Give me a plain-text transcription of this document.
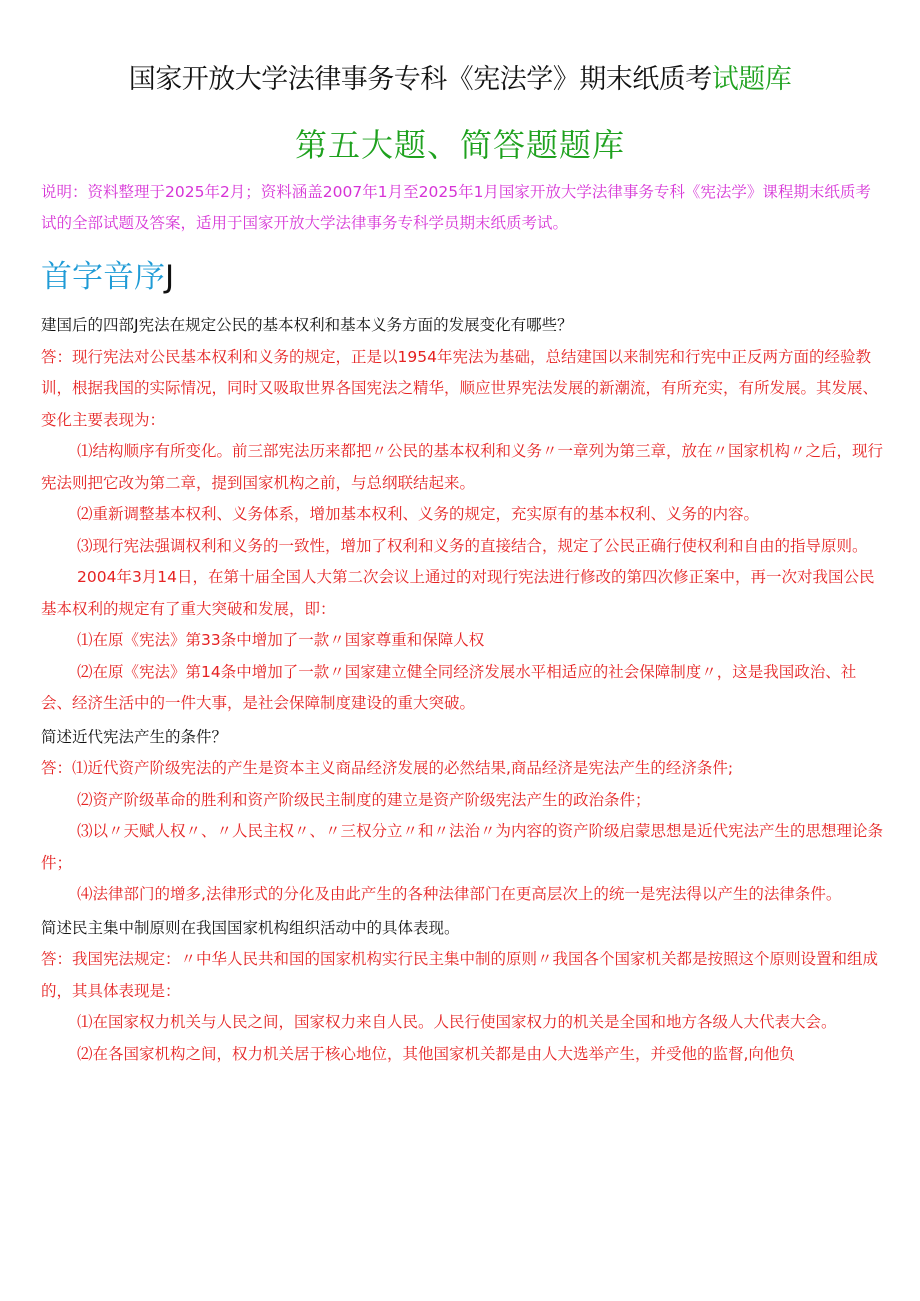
国家开放大学法律事务专科《宪法学》期末纸质考试题库
第五大题、简答题题库
说明：资料整理于2025年2月；资料涵盖2007年1月至2025年1月国家开放大学法律事务专科《宪法学》课程期末纸质考试的全部试题及答案，适用于国家开放大学法律事务专科学员期末纸质考试。
首字音序J

建国后的四部J宪法在规定公民的基本权利和基本义务方面的发展变化有哪些？

答：现行宪法对公民基本权利和义务的规定，正是以1954年宪法为基础，总结建国以来制宪和行宪中正反两方面的经验教训，根据我国的实际情况，同时又吸取世界各国宪法之精华，顺应世界宪法发展的新潮流，有所充实，有所发展。其发展、变化主要表现为：

⑴结构顺序有所变化。前三部宪法历来都把〃公民的基本权利和义务〃一章列为第三章，放在〃国家机构〃之后，现行宪法则把它改为第二章，提到国家机构之前，与总纲联结起来。

⑵重新调整基本权利、义务体系，增加基本权利、义务的规定，充实原有的基本权利、义务的内容。

⑶现行宪法强调权利和义务的一致性，增加了权利和义务的直接结合，规定了公民正确行使权利和自由的指导原则。

2004年3月14日，在第十届全国人大第二次会议上通过的对现行宪法进行修改的第四次修正案中，再一次对我国公民基本权利的规定有了重大突破和发展，即：

⑴在原《宪法》第33条中增加了一款〃国家尊重和保障人权

⑵在原《宪法》第14条中增加了一款〃国家建立健全同经济发展水平相适应的社会保障制度〃，这是我国政治、社会、经济生活中的一件大事，是社会保障制度建设的重大突破。

简述近代宪法产生的条件？

答：⑴近代资产阶级宪法的产生是资本主义商品经济发展的必然结果,商品经济是宪法产生的经济条件;

⑵资产阶级革命的胜利和资产阶级民主制度的建立是资产阶级宪法产生的政治条件；

⑶以〃天赋人权〃、〃人民主权〃、〃三权分立〃和〃法治〃为内容的资产阶级启蒙思想是近代宪法产生的思想理论条件；

⑷法律部门的增多,法律形式的分化及由此产生的各种法律部门在更高层次上的统一是宪法得以产生的法律条件。

简述民主集中制原则在我国国家机构组织活动中的具体表现。

答：我国宪法规定：〃中华人民共和国的国家机构实行民主集中制的原则〃我国各个国家机关都是按照这个原则设置和组成的，其具体表现是：

⑴在国家权力机关与人民之间，国家权力来自人民。人民行使国家权力的机关是全国和地方各级人大代表大会。

⑵在各国家机构之间，权力机关居于核心地位，其他国家机关都是由人大选举产生，并受他的监督,向他负
